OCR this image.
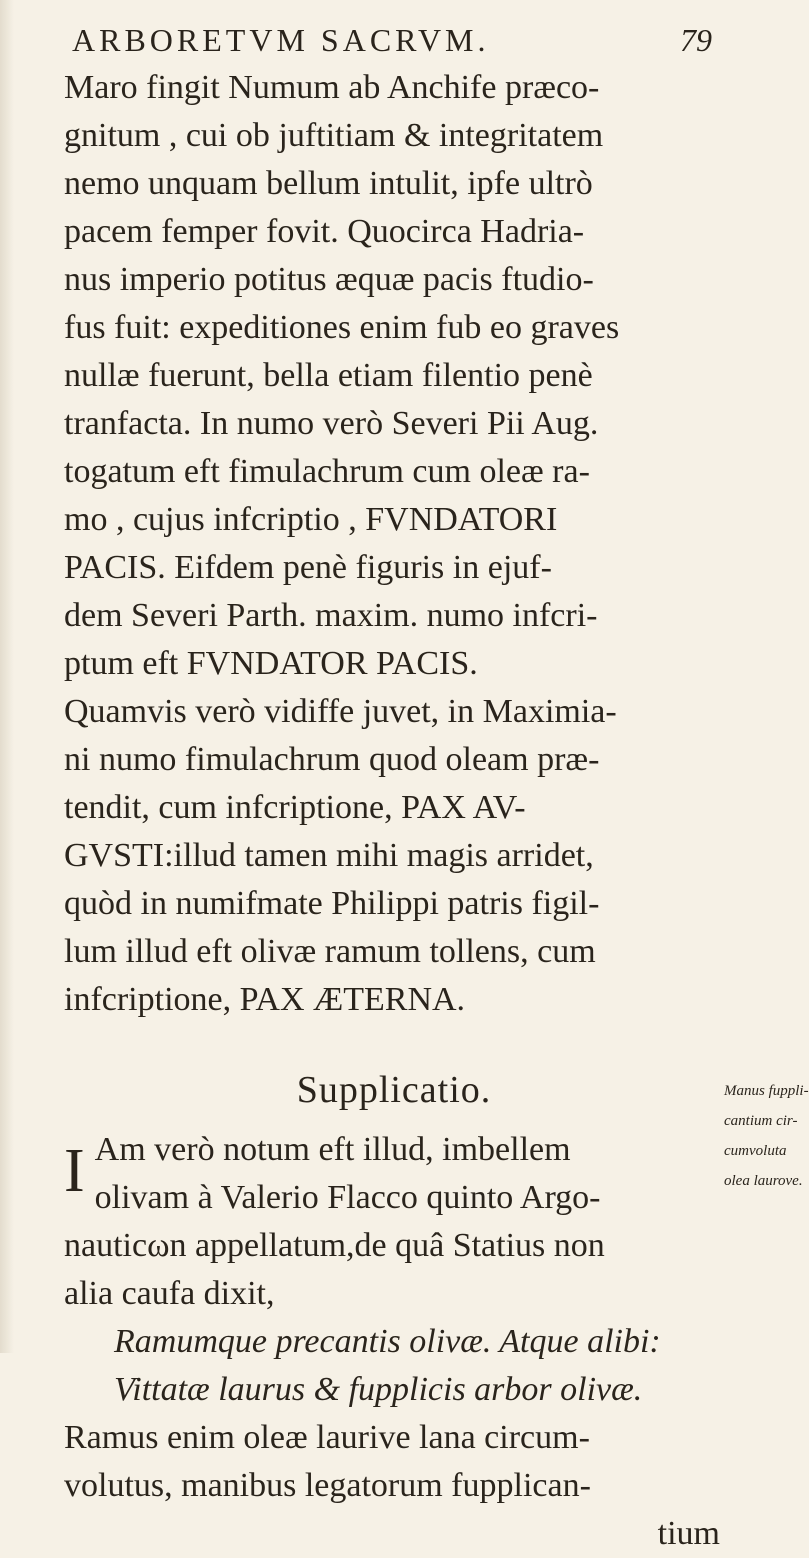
ARBORETVM SACRVM.	79
Maro fingit Numum ab Anchife præco-
gnitum , cui ob juftitiam & integritatem
nemo unquam bellum intulit, ipfe ultrò
pacem femper fovit. Quocirca Hadria-
nus imperio potitus æquæ pacis ftudio-
fus fuit: expeditiones enim fub eo graves
nullæ fuerunt, bella etiam filentio penè
tranfacta. In numo verò Severi Pii Aug.
togatum eft fimulachrum cum oleæ ra-
mo , cujus infcriptio , FVNDATORI
PACIS. Eifdem penè figuris in ejuf-
dem Severi Parth. maxim. numo infcri-
ptum eft FVNDATOR PACIS.
Quamvis verò vidiffe juvet, in Maximia-
ni numo fimulachrum quod oleam præ-
tendit, cum infcriptione, PAX AV-
GVSTI:illud tamen mihi magis arridet,
quòd in numifmate Philippi patris figil-
lum illud eft olivæ ramum tollens, cum
infcriptione, PAX ÆTERNA.
Supplicatio.
I Am verò notum eft illud, imbellem
olivam à Valerio Flacco quinto Argo-
nauticωn appellatum,de quâ Statius non
alia caufa dixit,
Ramumque precantis olivæ. Atque alibi:
Vittatæ laurus & fupplicis arbor olivæ.
Ramus enim oleæ laurive lana circum-
volutus, manibus legatorum fupplican-
tium
Manus fuppli-
cantium cir-
cumvoluta
olea laurove.
